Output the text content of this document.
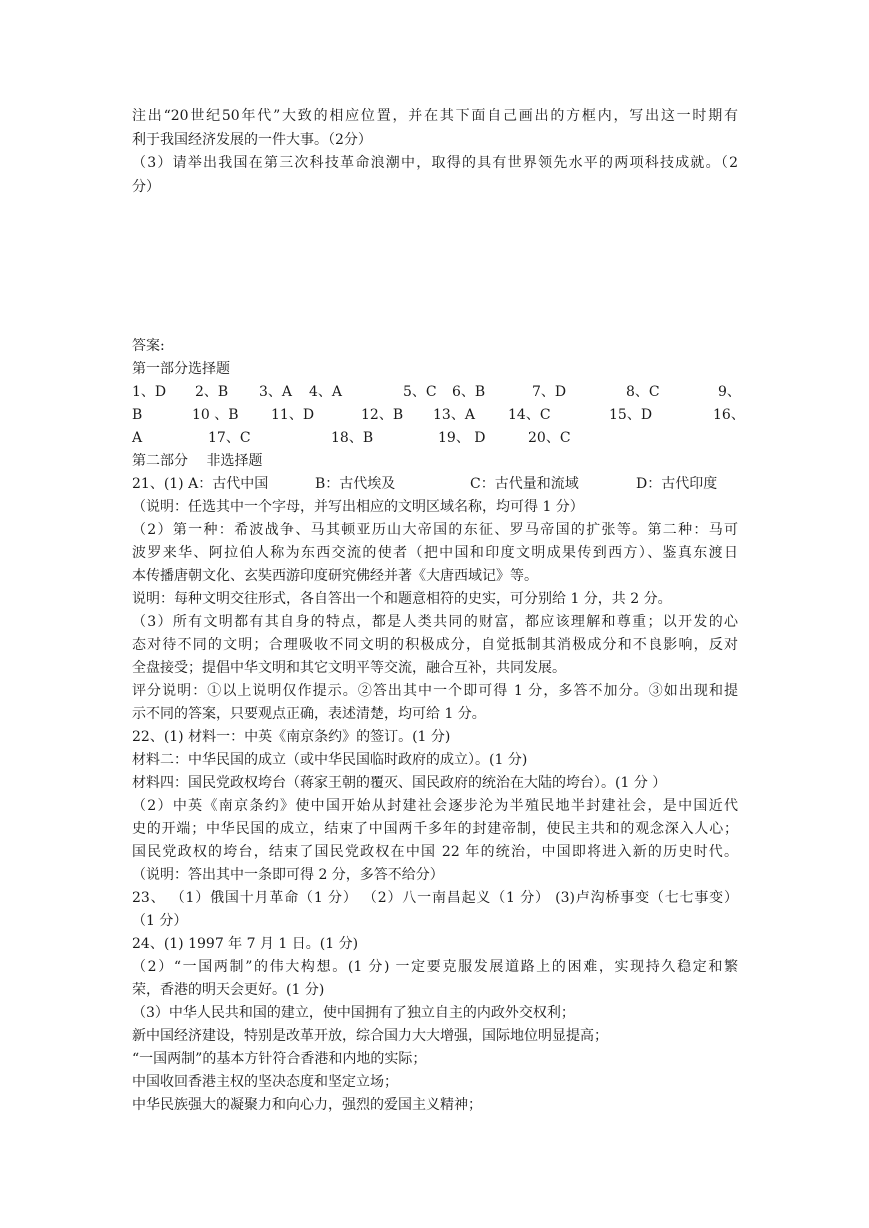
注出“20世纪50年代”大致的相应位置，并在其下面自己画出的方框内，写出这一时期有
利于我国经济发展的一件大事。（2分）
（3）请举出我国在第三次科技革命浪潮中，取得的具有世界领先水平的两项科技成就。（2
分）
答案:
第一部分选择题
1、D 2、B 3、A 4、A	5、C 6、B	7、D	8、C	9、
B	10 、B 11、D	12、B 13、A 14、C	15、D	16、
A	17、C	18、B	19、 D	20、C
第二部分　 非选择题
21、(1) A：古代中国	B：古代埃及	C：古代量和流域	D：古代印度
（说明：任选其中一个字母，并写出相应的文明区域名称，均可得 1 分）
（2）第一种：希波战争、马其顿亚历山大帝国的东征、罗马帝国的扩张等。第二种：马可
波罗来华、阿拉伯人称为东西交流的使者（把中国和印度文明成果传到西方）、鉴真东渡日
本传播唐朝文化、玄奘西游印度研究佛经并著《大唐西域记》等。
说明：每种文明交往形式，各自答出一个和题意相符的史实，可分别给 1 分，共 2 分。
（3）所有文明都有其自身的特点，都是人类共同的财富，都应该理解和尊重；以开发的心
态对待不同的文明；合理吸收不同文明的积极成分，自觉抵制其消极成分和不良影响，反对
全盘接受；提倡中华文明和其它文明平等交流，融合互补，共同发展。
评分说明：①以上说明仅作提示。②答出其中一个即可得 1 分，多答不加分。③如出现和提
示不同的答案，只要观点正确，表述清楚，均可给 1 分。
22、(1) 材料一：中英《南京条约》的签订。(1 分)
材料二：中华民国的成立（或中华民国临时政府的成立）。(1 分)
材料四：国民党政权垮台（蒋家王朝的覆灭、国民政府的统治在大陆的垮台）。(1 分 ）
（2）中英《南京条约》使中国开始从封建社会逐步沦为半殖民地半封建社会，是中国近代
史的开端；中华民国的成立，结束了中国两千多年的封建帝制，使民主共和的观念深入人心；
国民党政权的垮台，结束了国民党政权在中国 22 年的统治，中国即将进入新的历史时代。
（说明：答出其中一条即可得 2 分，多答不给分）
23、 （1）俄国十月革命（1 分） （2）八一南昌起义（1 分） (3)卢沟桥事变（七七事变）
（1 分）
24、(1) 1997 年 7 月 1 日。(1 分)
（2）“一国两制”的伟大构想。(1 分) 一定要克服发展道路上的困难，实现持久稳定和繁
荣，香港的明天会更好。(1 分)
（3）中华人民共和国的建立，使中国拥有了独立自主的内政外交权利；
新中国经济建设，特别是改革开放，综合国力大大增强，国际地位明显提高；
“一国两制”的基本方针符合香港和内地的实际；
中国收回香港主权的坚决态度和坚定立场；
中华民族强大的凝聚力和向心力，强烈的爱国主义精神；
